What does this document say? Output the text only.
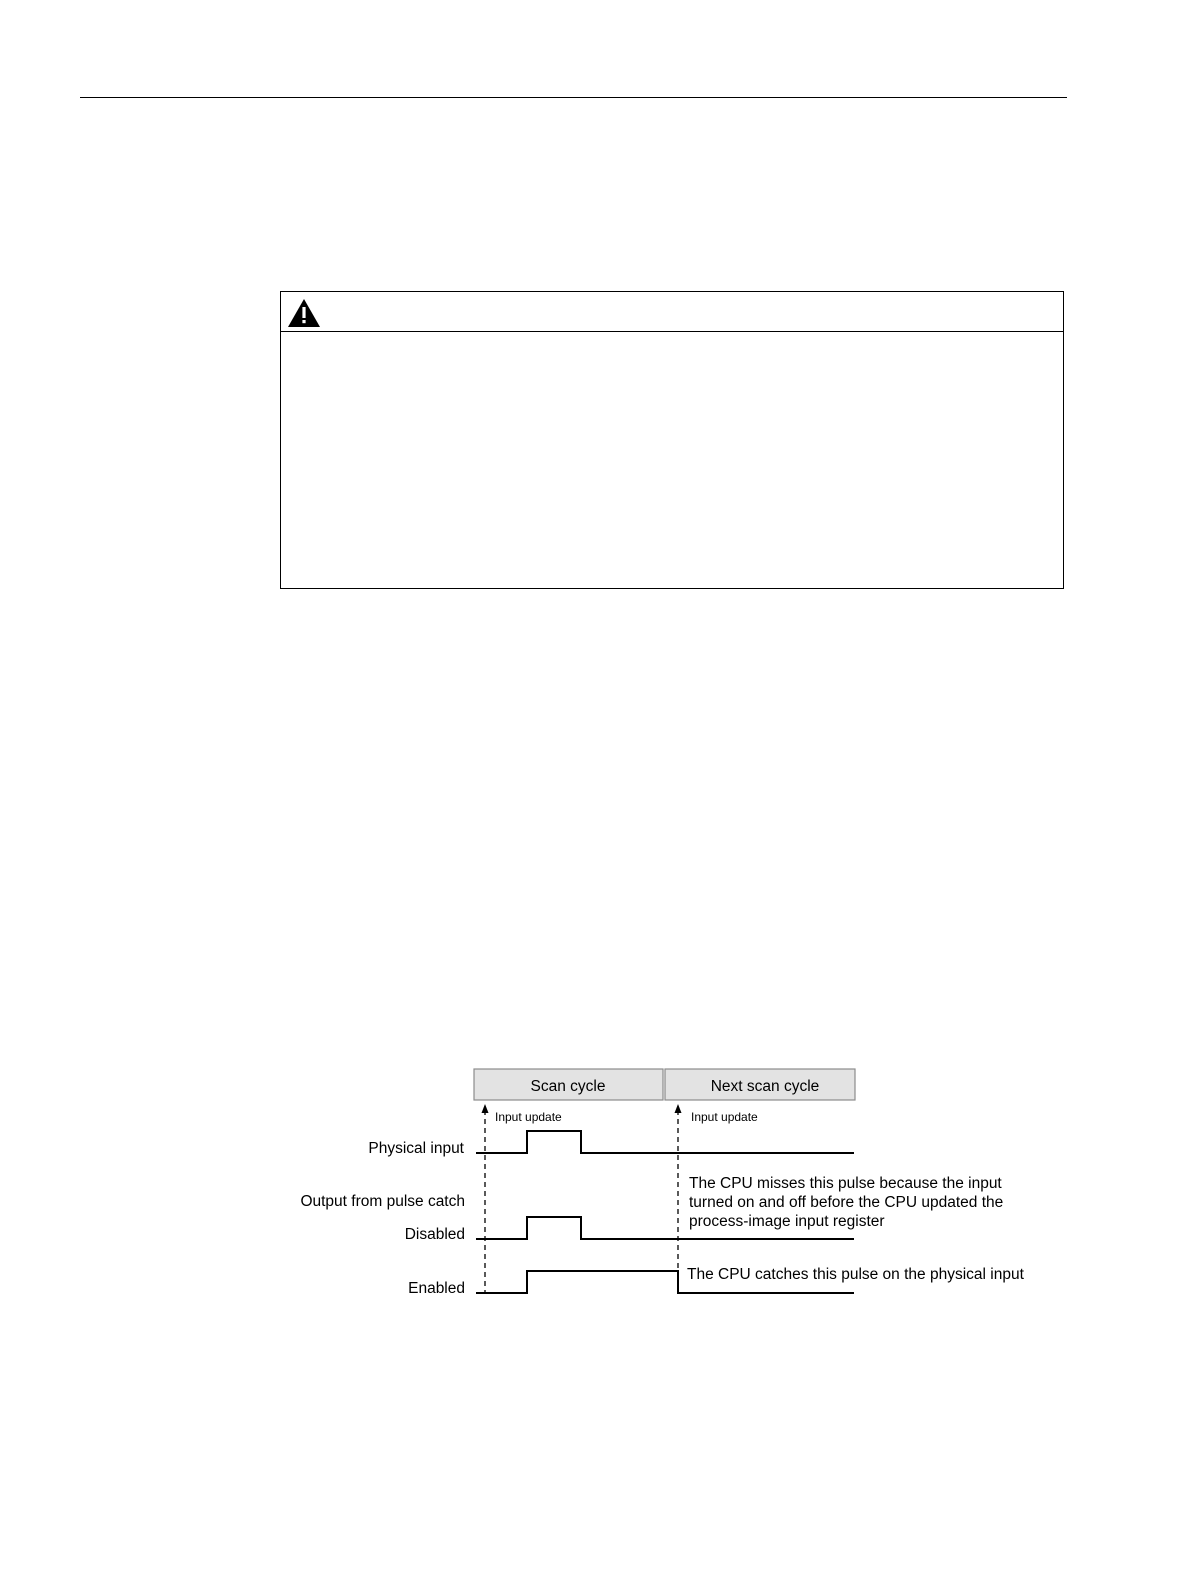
Scan cycle	Next scan cycle
Input update	Input update
Physical input
Output from pulse catch
Disabled
Enabled
The CPU misses this pulse because the input
turned on and off before the CPU updated the
process-image input register
The CPU catches this pulse on the physical input
